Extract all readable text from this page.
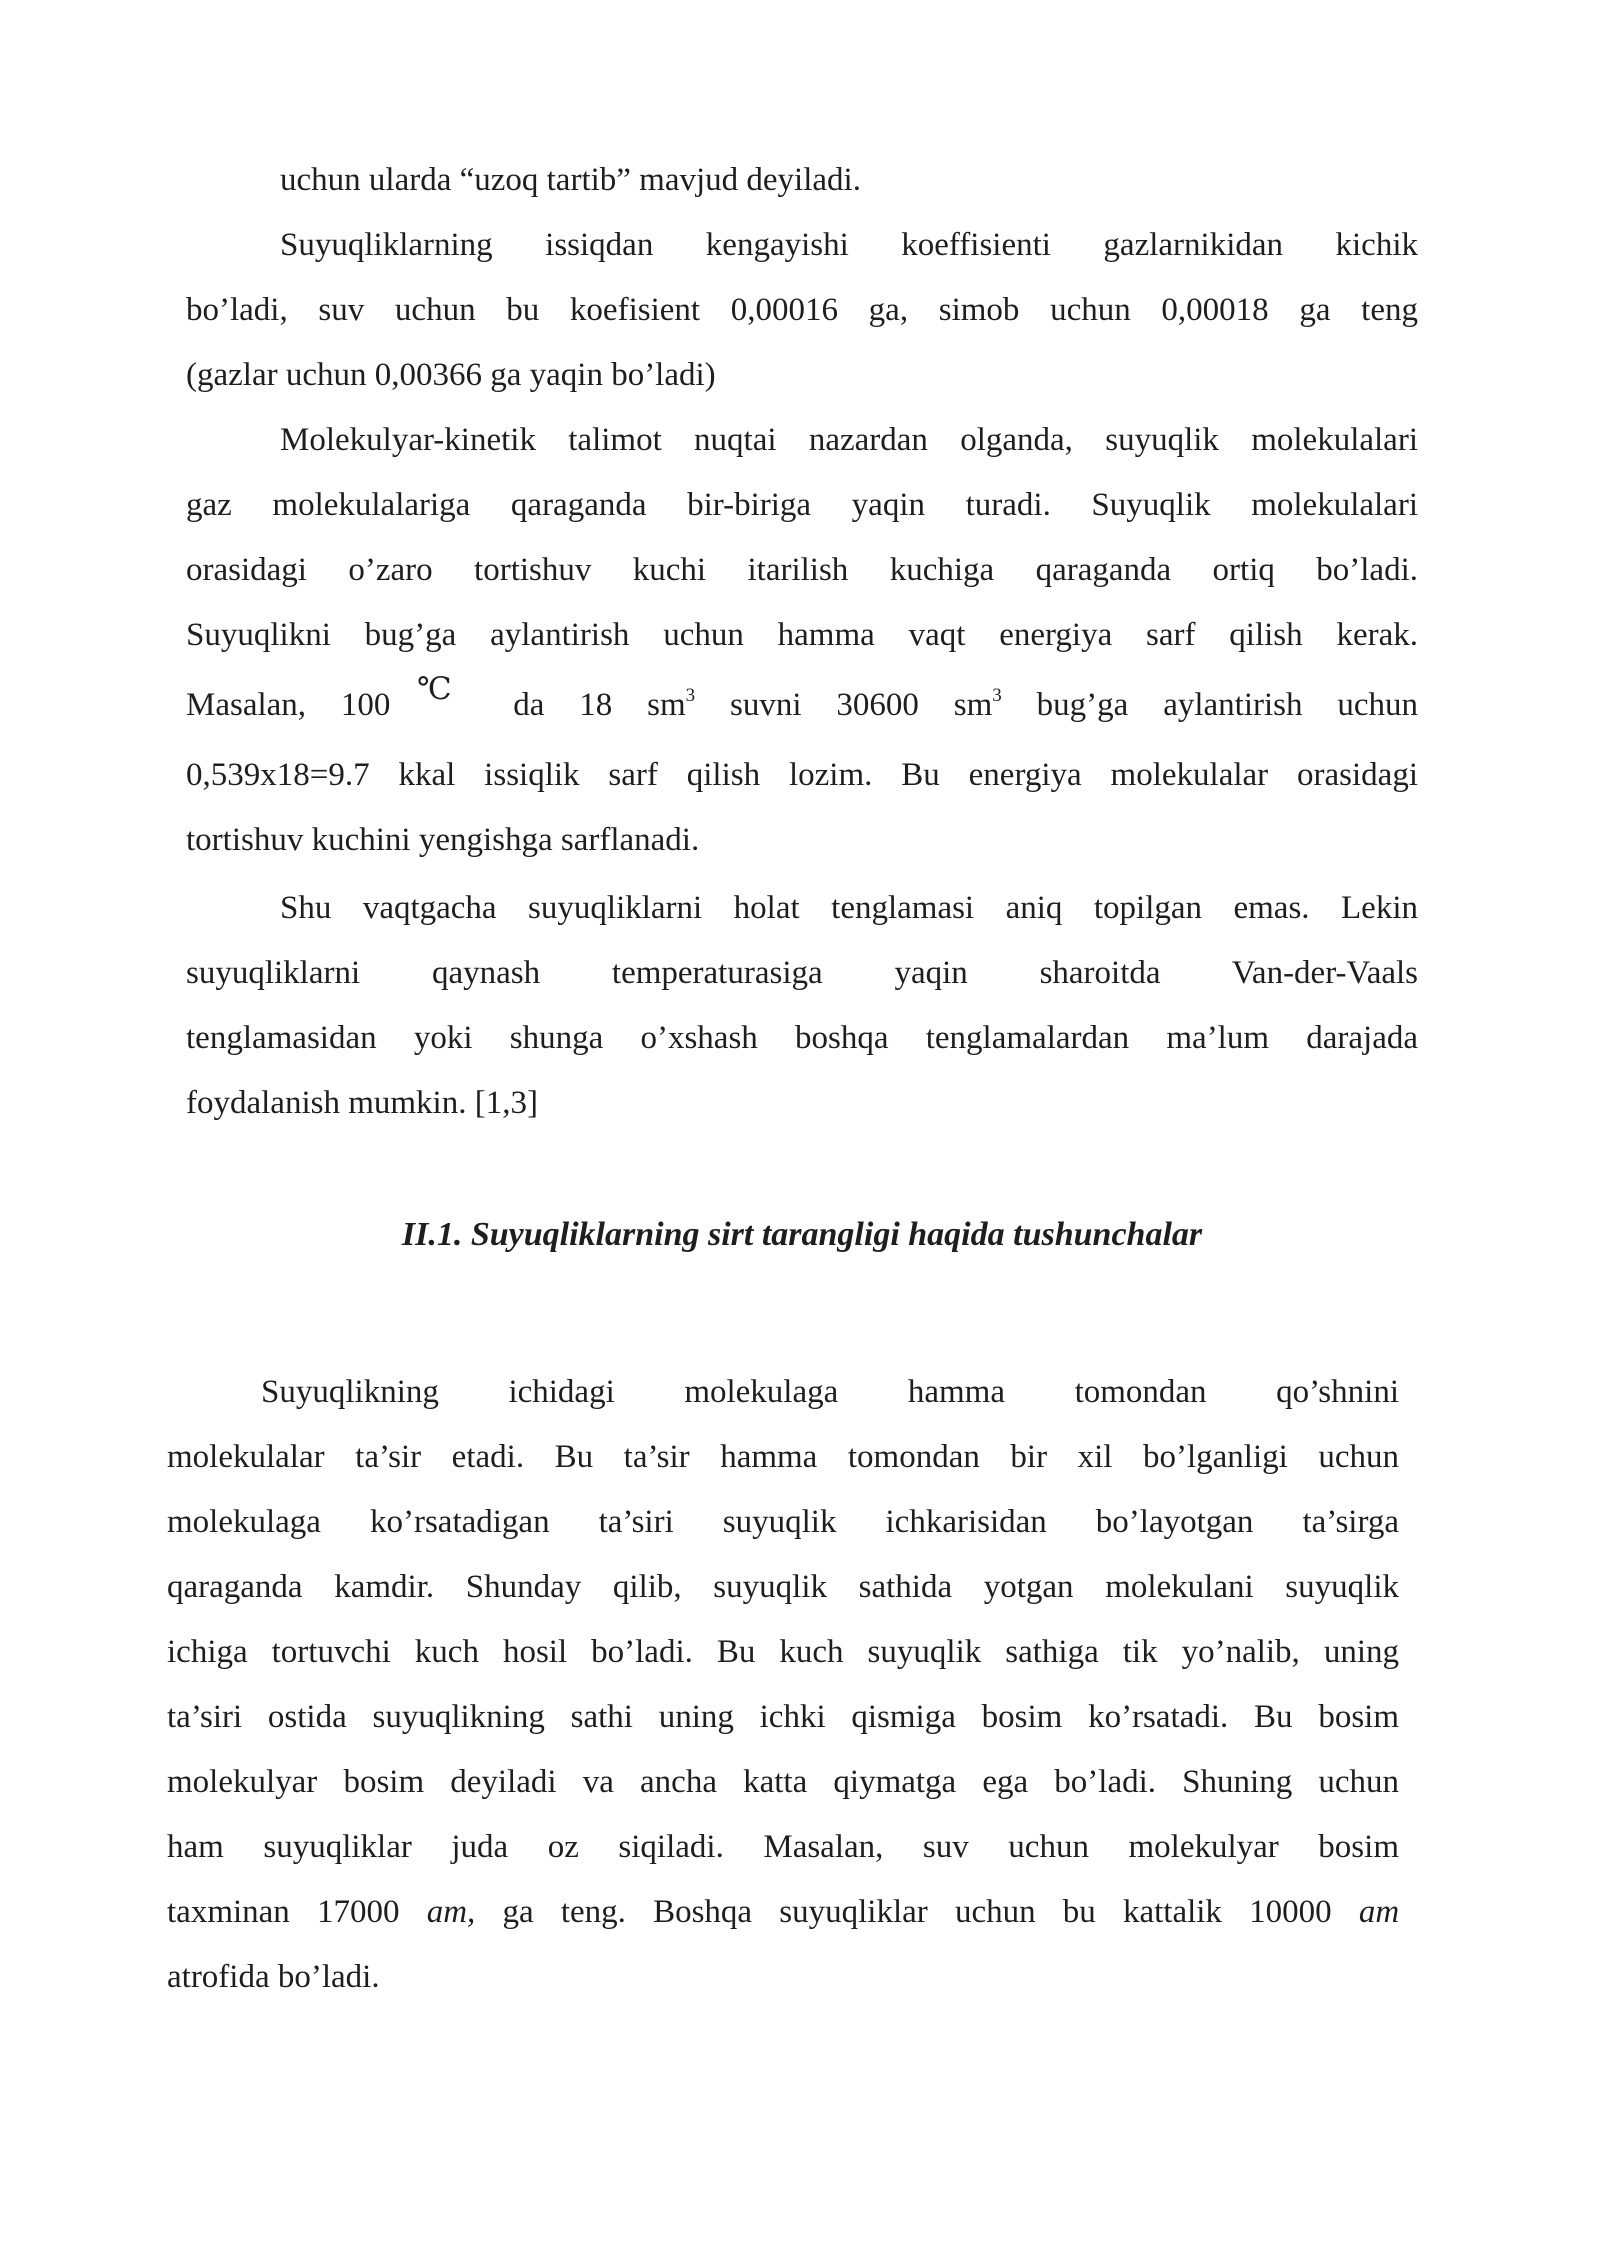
uchun ularda “uzoq tartib” mavjud deyiladi.
Suyuqliklarning issiqdan kengayishi koeffisienti gazlarnikidan kichik
bo’ladi, suv uchun bu koefisient 0,00016 ga, simob uchun 0,00018 ga teng
(gazlar uchun 0,00366 ga yaqin bo’ladi)
Molekulyar-kinetik talimot nuqtai nazardan olganda, suyuqlik molekulalari
gaz molekulalariga qaraganda bir-biriga yaqin turadi. Suyuqlik molekulalari
orasidagi o’zaro tortishuv kuchi itarilish kuchiga qaraganda ortiq bo’ladi.
Suyuqlikni bug’ga aylantirish uchun hamma vaqt energiya sarf qilish kerak.
Masalan, 100℃ da 18 $sm^3$ suvni 30600 $sm^3$ bug’ga aylantirish uchun
0,539x18=9.7 kkal issiqlik sarf qilish lozim. Bu energiya molekulalar orasidagi
tortishuv kuchini yengishga sarflanadi.
Shu vaqtgacha suyuqliklarni holat tenglamasi aniq topilgan emas. Lekin
suyuqliklarni qaynash temperaturasiga yaqin sharoitda Van-der-Vaals
tenglamasidan yoki shunga o’xshash boshqa tenglamalardan ma’lum darajada
foydalanish mumkin. [1,3]
II.1. Suyuqliklarning sirt tarangligi haqida tushunchalar
Suyuqlikning ichidagi molekulaga hamma tomondan qo’shnini
molekulalar ta’sir etadi. Bu ta’sir hamma tomondan bir xil bo’lganligi uchun
molekulaga ko’rsatadigan ta’siri suyuqlik ichkarisidan bo’layotgan ta’sirga
qaraganda kamdir. Shunday qilib, suyuqlik sathida yotgan molekulani suyuqlik
ichiga tortuvchi kuch hosil bo’ladi. Bu kuch suyuqlik sathiga tik yo’nalib, uning
ta’siri ostida suyuqlikning sathi uning ichki qismiga bosim ko’rsatadi. Bu bosim
molekulyar bosim deyiladi va ancha katta qiymatga ega bo’ladi. Shuning uchun
ham suyuqliklar juda oz siqiladi. Masalan, suv uchun molekulyar bosim
taxminan 17000 am, ga teng. Boshqa suyuqliklar uchun bu kattalik 10000 am
atrofida bo’ladi.
